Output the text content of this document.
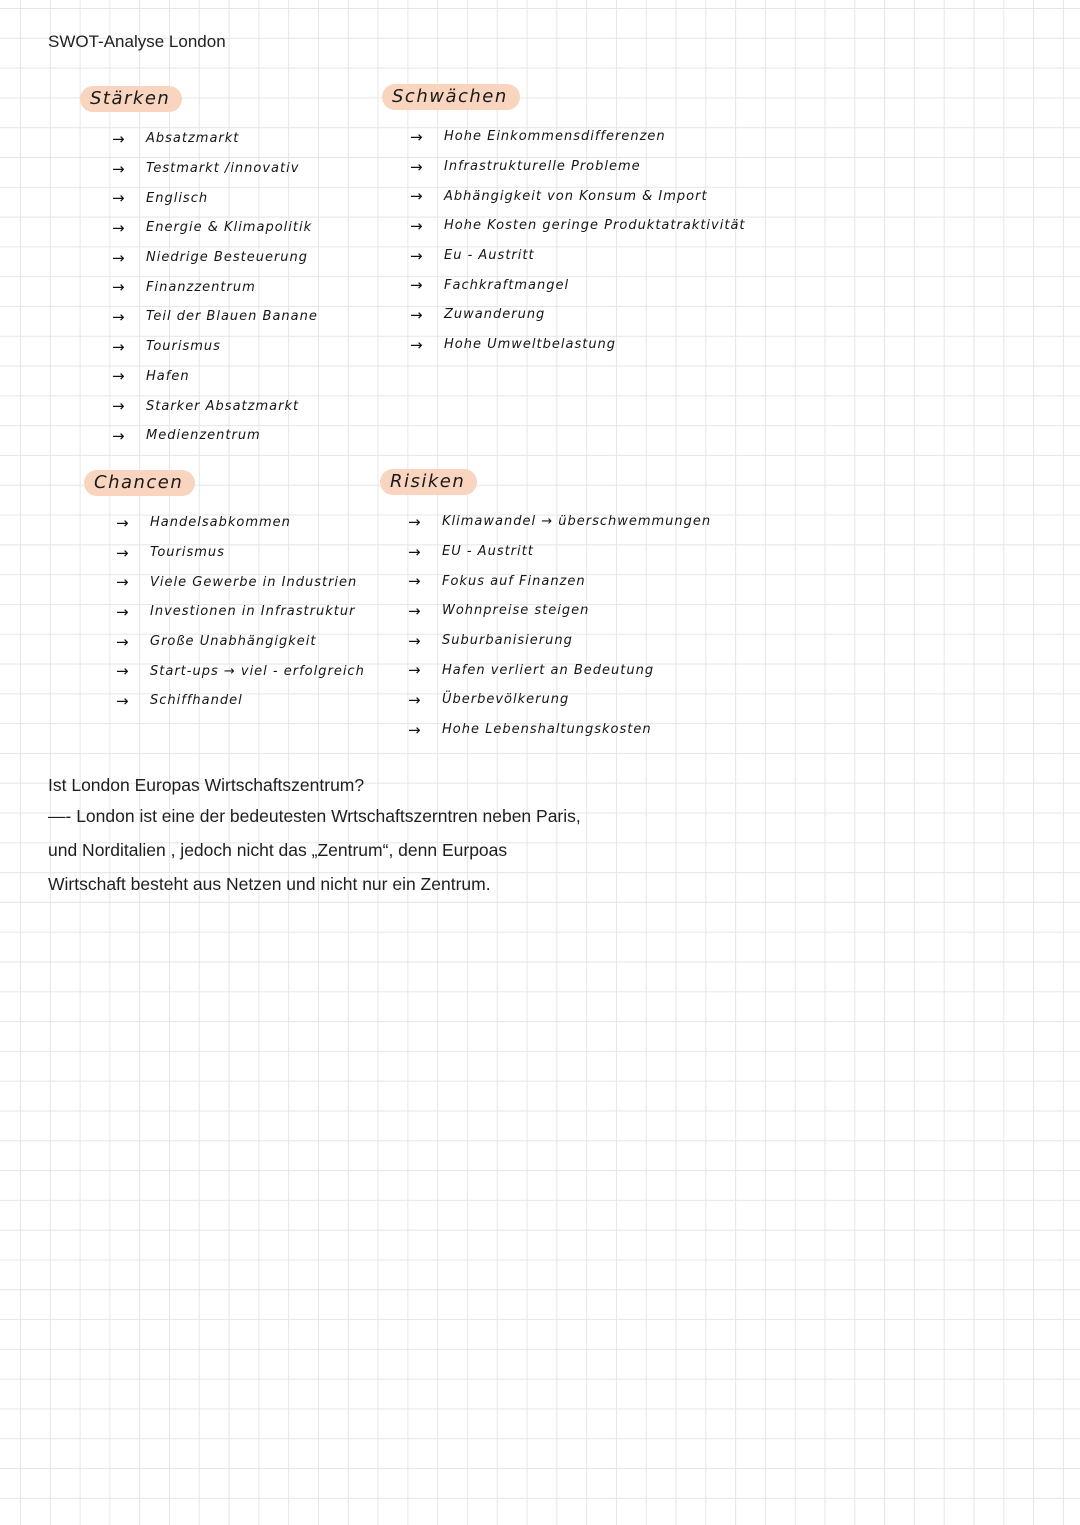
SWOT-Analyse London
Stärken
→	Absatzmarkt
→	Testmarkt /innovativ
→	Englisch
→	Energie & Klimapolitik
→	Niedrige Besteuerung
→	Finanzzentrum
→	Teil der Blauen Banane
→	Tourismus
→	Hafen
→	Starker Absatzmarkt
→	Medienzentrum
Schwächen
→	Hohe Einkommensdifferenzen
→	Infrastrukturelle Probleme
→	Abhängigkeit von Konsum & Import
→	Hohe Kosten geringe Produktatraktivität
→	Eu - Austritt
→	Fachkraftmangel
→	Zuwanderung
→	Hohe Umweltbelastung
Chancen
→	Handelsabkommen
→	Tourismus
→	Viele Gewerbe in Industrien
→	Investionen in Infrastruktur
→	Große Unabhängigkeit
→	Start-ups → viel - erfolgreich
→	Schiffhandel
Risiken
→	Klimawandel → überschwemmungen
→	EU - Austritt
→	Fokus auf Finanzen
→	Wohnpreise steigen
→	Suburbanisierung
→	Hafen verliert an Bedeutung
→	Überbevölkerung
→	Hohe Lebenshaltungskosten

Ist London Europas Wirtschaftszentrum?

—- London ist eine der bedeutesten Wrtschaftszerntren neben Paris,

und Norditalien , jedoch nicht das „Zentrum“, denn Eurpoas

Wirtschaft besteht aus Netzen und nicht nur ein Zentrum.
